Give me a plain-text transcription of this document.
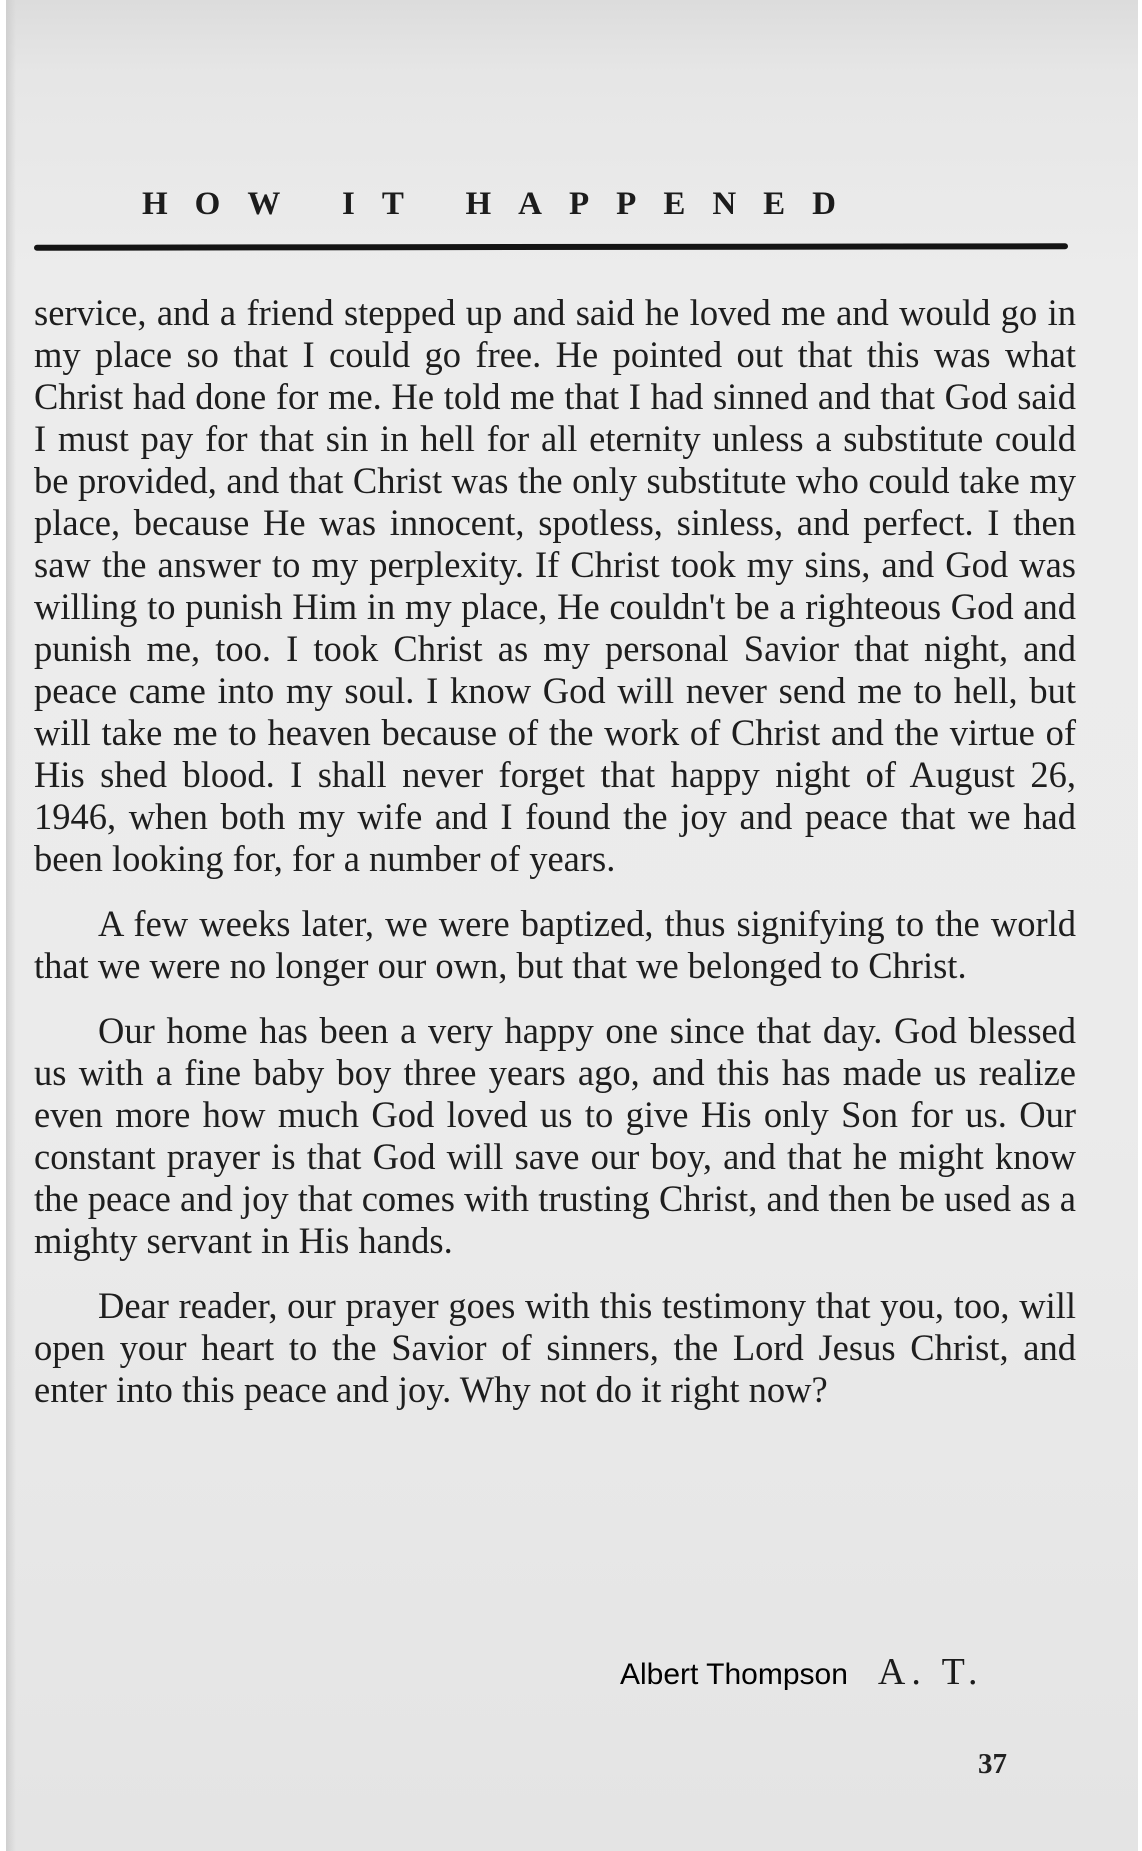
HOW IT HAPPENED

service, and a friend stepped up and said he loved me and would go in my place so that I could go free. He pointed out that this was what Christ had done for me. He told me that I had sinned and that God said I must pay for that sin in hell for all eternity unless a substitute could be provided, and that Christ was the only substitute who could take my place, because He was innocent, spotless, sinless, and perfect. I then saw the answer to my perplexity. If Christ took my sins, and God was willing to punish Him in my place, He couldn't be a righteous God and punish me, too. I took Christ as my personal Savior that night, and peace came into my soul. I know God will never send me to hell, but will take me to heaven because of the work of Christ and the virtue of His shed blood. I shall never forget that happy night of August 26, 1946, when both my wife and I found the joy and peace that we had been looking for, for a number of years.

A few weeks later, we were baptized, thus signifying to the world that we were no longer our own, but that we belonged to Christ.

Our home has been a very happy one since that day. God blessed us with a fine baby boy three years ago, and this has made us realize even more how much God loved us to give His only Son for us. Our constant prayer is that God will save our boy, and that he might know the peace and joy that comes with trusting Christ, and then be used as a mighty servant in His hands.

Dear reader, our prayer goes with this testimony that you, too, will open your heart to the Savior of sinners, the Lord Jesus Christ, and enter into this peace and joy. Why not do it right now?

Albert Thompson A. T.
37
